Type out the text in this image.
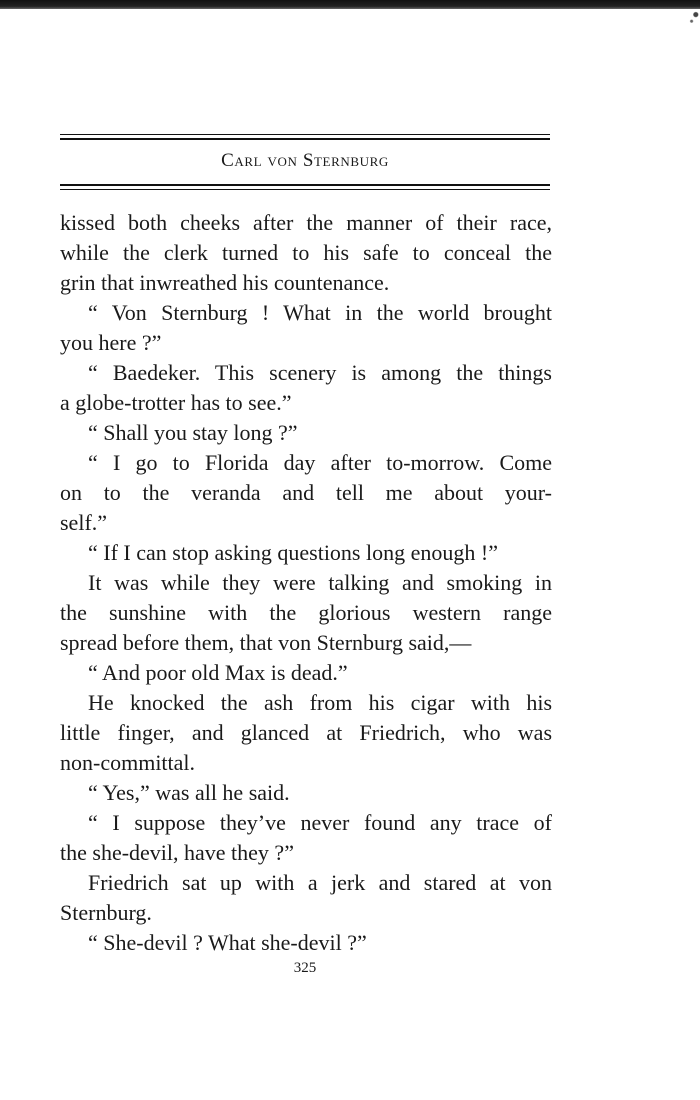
Carl von Sternburg
kissed both cheeks after the manner of their race,
while the clerk turned to his safe to conceal the
grin that inwreathed his countenance.
“ Von Sternburg ! What in the world brought
you here ?”
“ Baedeker. This scenery is among the things
a globe-trotter has to see.”
“ Shall you stay long ?”
“ I go to Florida day after to-morrow. Come
on to the veranda and tell me about your-
self.”
“ If I can stop asking questions long enough !”
It was while they were talking and smoking in
the sunshine with the glorious western range
spread before them, that von Sternburg said,—
“ And poor old Max is dead.”
He knocked the ash from his cigar with his
little finger, and glanced at Friedrich, who was
non-committal.
“ Yes,” was all he said.
“ I suppose they’ve never found any trace of
the she-devil, have they ?”
Friedrich sat up with a jerk and stared at von
Sternburg.
“ She-devil ? What she-devil ?”
325
